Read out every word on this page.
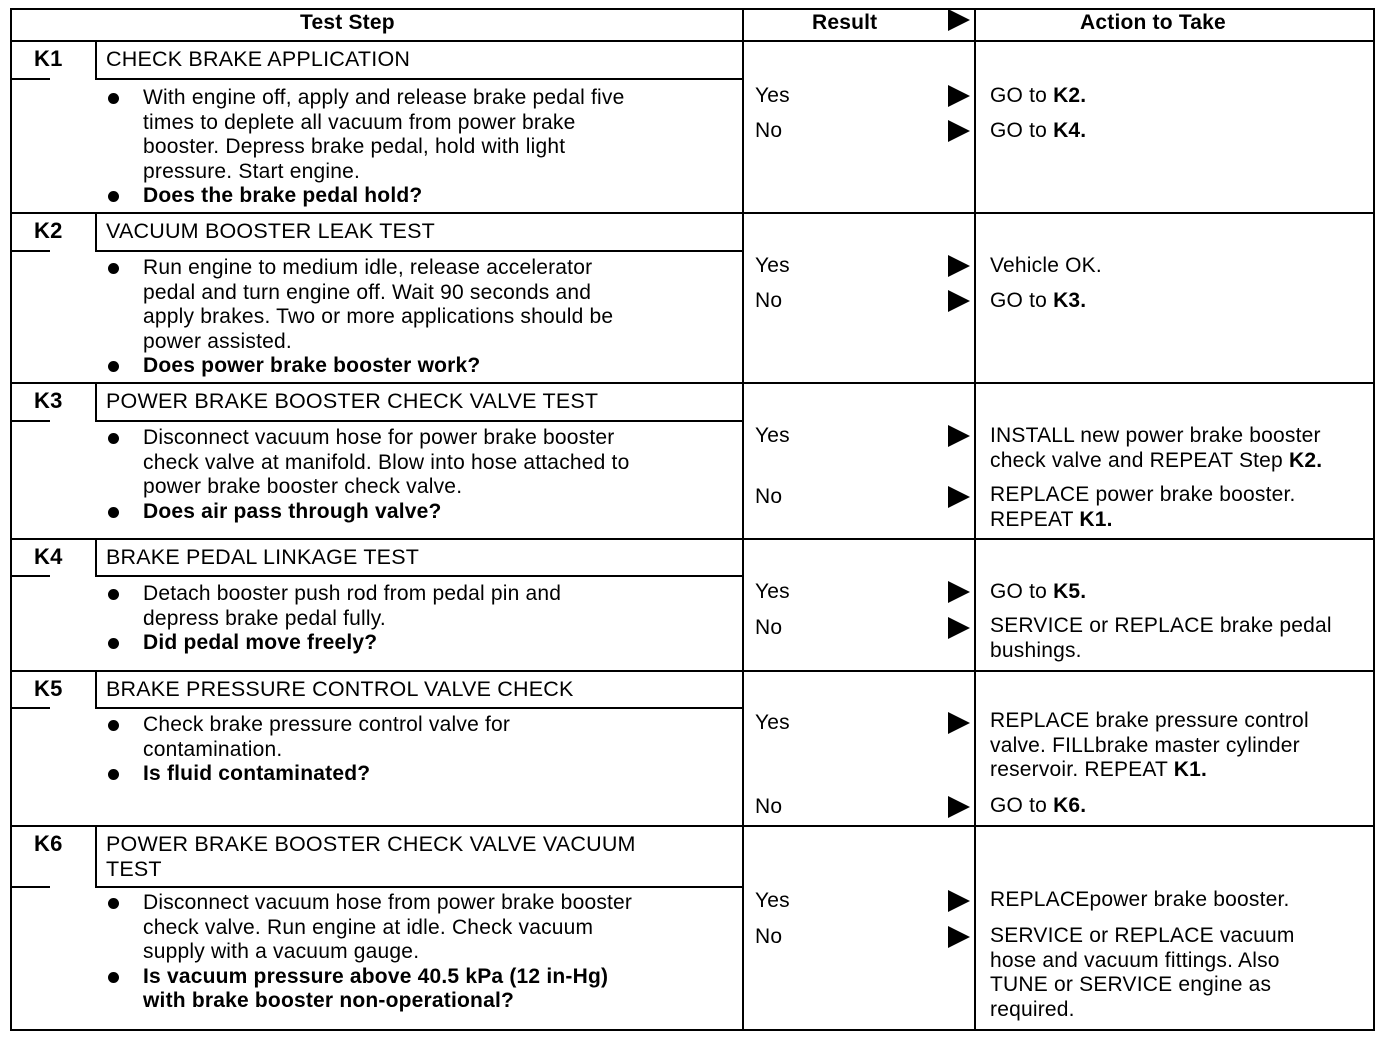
Test Step	Result	Action to Take
K1 CHECK BRAKE APPLICATION
With engine off, apply and release brake pedal five
times to deplete all vacuum from power brake
booster. Depress brake pedal, hold with light
pressure. Start engine.
Does the brake pedal hold?
Yes
No
GO to K2.
GO to K4.
K2 VACUUM BOOSTER LEAK TEST
Run engine to medium idle, release accelerator
pedal and turn engine off. Wait 90 seconds and
apply brakes. Two or more applications should be
power assisted.
Does power brake booster work?
Yes
No
Vehicle OK.
GO to K3.
K3 POWER BRAKE BOOSTER CHECK VALVE TEST
Disconnect vacuum hose for power brake booster
check valve at manifold. Blow into hose attached to
power brake booster check valve.
Does air pass through valve?
Yes
No
INSTALL new power brake booster
check valve and REPEAT Step K2.
REPLACE power brake booster.
REPEAT K1.
K4 BRAKE PEDAL LINKAGE TEST
Detach booster push rod from pedal pin and
depress brake pedal fully.
Did pedal move freely?
Yes
No
GO to K5.
SERVICE or REPLACE brake pedal
bushings.
K5 BRAKE PRESSURE CONTROL VALVE CHECK
Check brake pressure control valve for
contamination.
Is fluid contaminated?
Yes
No
REPLACE brake pressure control
valve. FILLbrake master cylinder
reservoir. REPEAT K1.
GO to K6.
K6 POWER BRAKE BOOSTER CHECK VALVE VACUUM
TEST
Disconnect vacuum hose from power brake booster
check valve. Run engine at idle. Check vacuum
supply with a vacuum gauge.
Is vacuum pressure above 40.5 kPa (12 in-Hg)
with brake booster non-operational?
Yes
No
REPLACEpower brake booster.
SERVICE or REPLACE vacuum
hose and vacuum fittings. Also
TUNE or SERVICE engine as
required.
